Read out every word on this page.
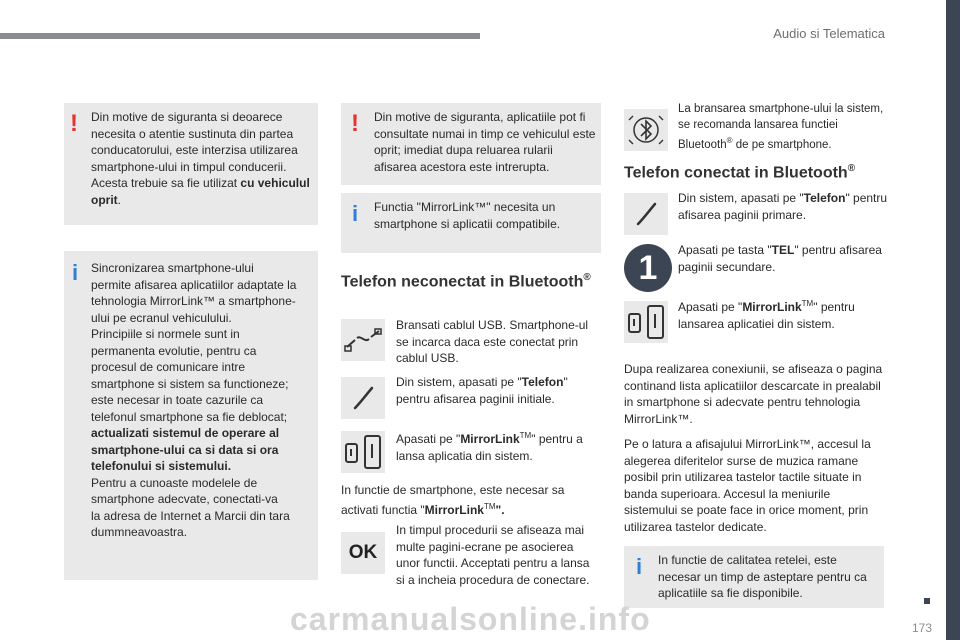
Audio si Telematica
! Din motive de siguranta si deoarece necesita o atentie sustinuta din partea conducatorului, este interzisa utilizarea smartphone-ului in timpul conducerii. Acesta trebuie sa fie utilizat cu vehiculul oprit.
i Sincronizarea smartphone-ului
permite afisarea aplicatiilor adaptate la
tehnologia MirrorLink™ a smartphone-
ului pe ecranul vehiculului.
Principiile si normele sunt in
permanenta evolutie, pentru ca
procesul de comunicare intre
smartphone si sistem sa functioneze;
este necesar in toate cazurile ca
telefonul smartphone sa fie deblocat;
actualizati sistemul de operare al
smartphone-ului ca si data si ora
telefonului si sistemului.
Pentru a cunoaste modelele de
smartphone adecvate, conectati-va
la adresa de Internet a Marcii din tara
dummneavoastra.
! Din motive de siguranta, aplicatiile pot fi consultate numai in timp ce vehiculul este oprit; imediat dupa reluarea rularii afisarea acestora este intrerupta.
i Functia "MirrorLink™" necesita un smartphone si aplicatii compatibile.
Telefon neconectat in Bluetooth®
Bransati cablul USB. Smartphone-ul se incarca daca este conectat prin cablul USB.
Din sistem, apasati pe "Telefon" pentru afisarea paginii initiale.
Apasati pe "MirrorLink™" pentru a lansa aplicatia din sistem.
In functie de smartphone, este necesar sa activati functia "MirrorLink™".
OK
In timpul procedurii se afiseaza mai multe pagini-ecrane pe asocierea unor functii. Acceptati pentru a lansa si a incheia procedura de conectare.
La bransarea smartphone-ului la sistem, se recomanda lansarea functiei Bluetooth® de pe smartphone.
Telefon conectat in Bluetooth®
Din sistem, apasati pe "Telefon" pentru afisarea paginii primare.
1	Apasati pe tasta "TEL" pentru afisarea paginii secundare.
Apasati pe "MirrorLink™" pentru lansarea aplicatiei din sistem.
Dupa realizarea conexiunii, se afiseaza o pagina continand lista aplicatiilor descarcate in prealabil in smartphone si adecvate pentru tehnologia MirrorLink™.
Pe o latura a afisajului MirrorLink™, accesul la alegerea diferitelor surse de muzica ramane posibil prin utilizarea tastelor tactile situate in banda superioara. Accesul la meniurile sistemului se poate face in orice moment, prin utilizarea tastelor dedicate.
i In functie de calitatea retelei, este necesar un timp de asteptare pentru ca aplicatiile sa fie disponibile.
173
carmanualsonline.info
